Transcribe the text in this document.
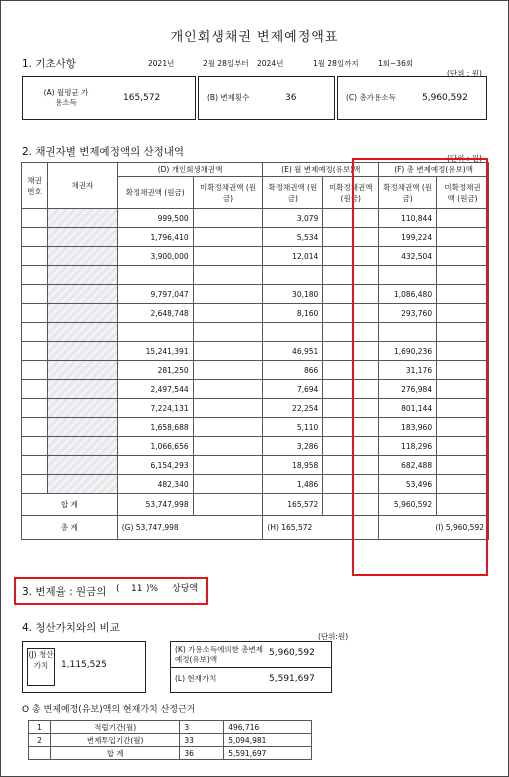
개인회생채권 변제예정액표
1. 기초사항	2021년	2월 28일부터 2024년	1월 28일까지	1회~36회
(단위 : 원)
(A) 월평균 가용소득	165,572	(B) 변제횟수	36	(C) 총가용소득	5,960,592
2. 채권자별 변제예정액의 산정내역
(단위 : 원)
채권 번호	채권자	(D) 개인회생채권액		(E) 월 변제예정(유보)액		(F) 총 변제예정(유보)액	
		확정채권액 (원금)	미확정채권액 (원금)	확정채권액 (원금)	미확정채권액 (원금)	확정채권액 (원금)	미확정채권액 (원금)
		999,500		3,079		110,844	
		1,796,410		5,534		199,224	
		3,900,000		12,014		432,504	

		9,797,047		30,180		1,086,480	
		2,648,748		8,160		293,760	

		15,241,391		46,951		1,690,236	
		281,250		866		31,176	
		2,497,544		7,694		276,984	
		7,224,131		22,254		801,144	
		1,658,688		5,110		183,960	
		1,066,656		3,286		118,296	
		6,154,293		18,958		682,488	
		482,340		1,486		53,496	
합 계		53,747,998		165,572		5,960,592	
총 계		(G) 53,747,998		(H) 165,572		(I) 5,960,592	
3. 변제율 : 원금의 ( 11 )% 상당액
4. 청산가치와의 비교
(단위:원)
(J) 청산 가치	1,115,525
(K) 가용소득에의한 총변제예정(유보)액
5,960,592
(L) 현재가치	5,591,697
O 총 변제예정(유보)액의 현재가치 산정근거
1	적립기간(월)	3	496,716
2	변제투입기간(월)	33	5,094,981
	합 계	36	5,591,697
